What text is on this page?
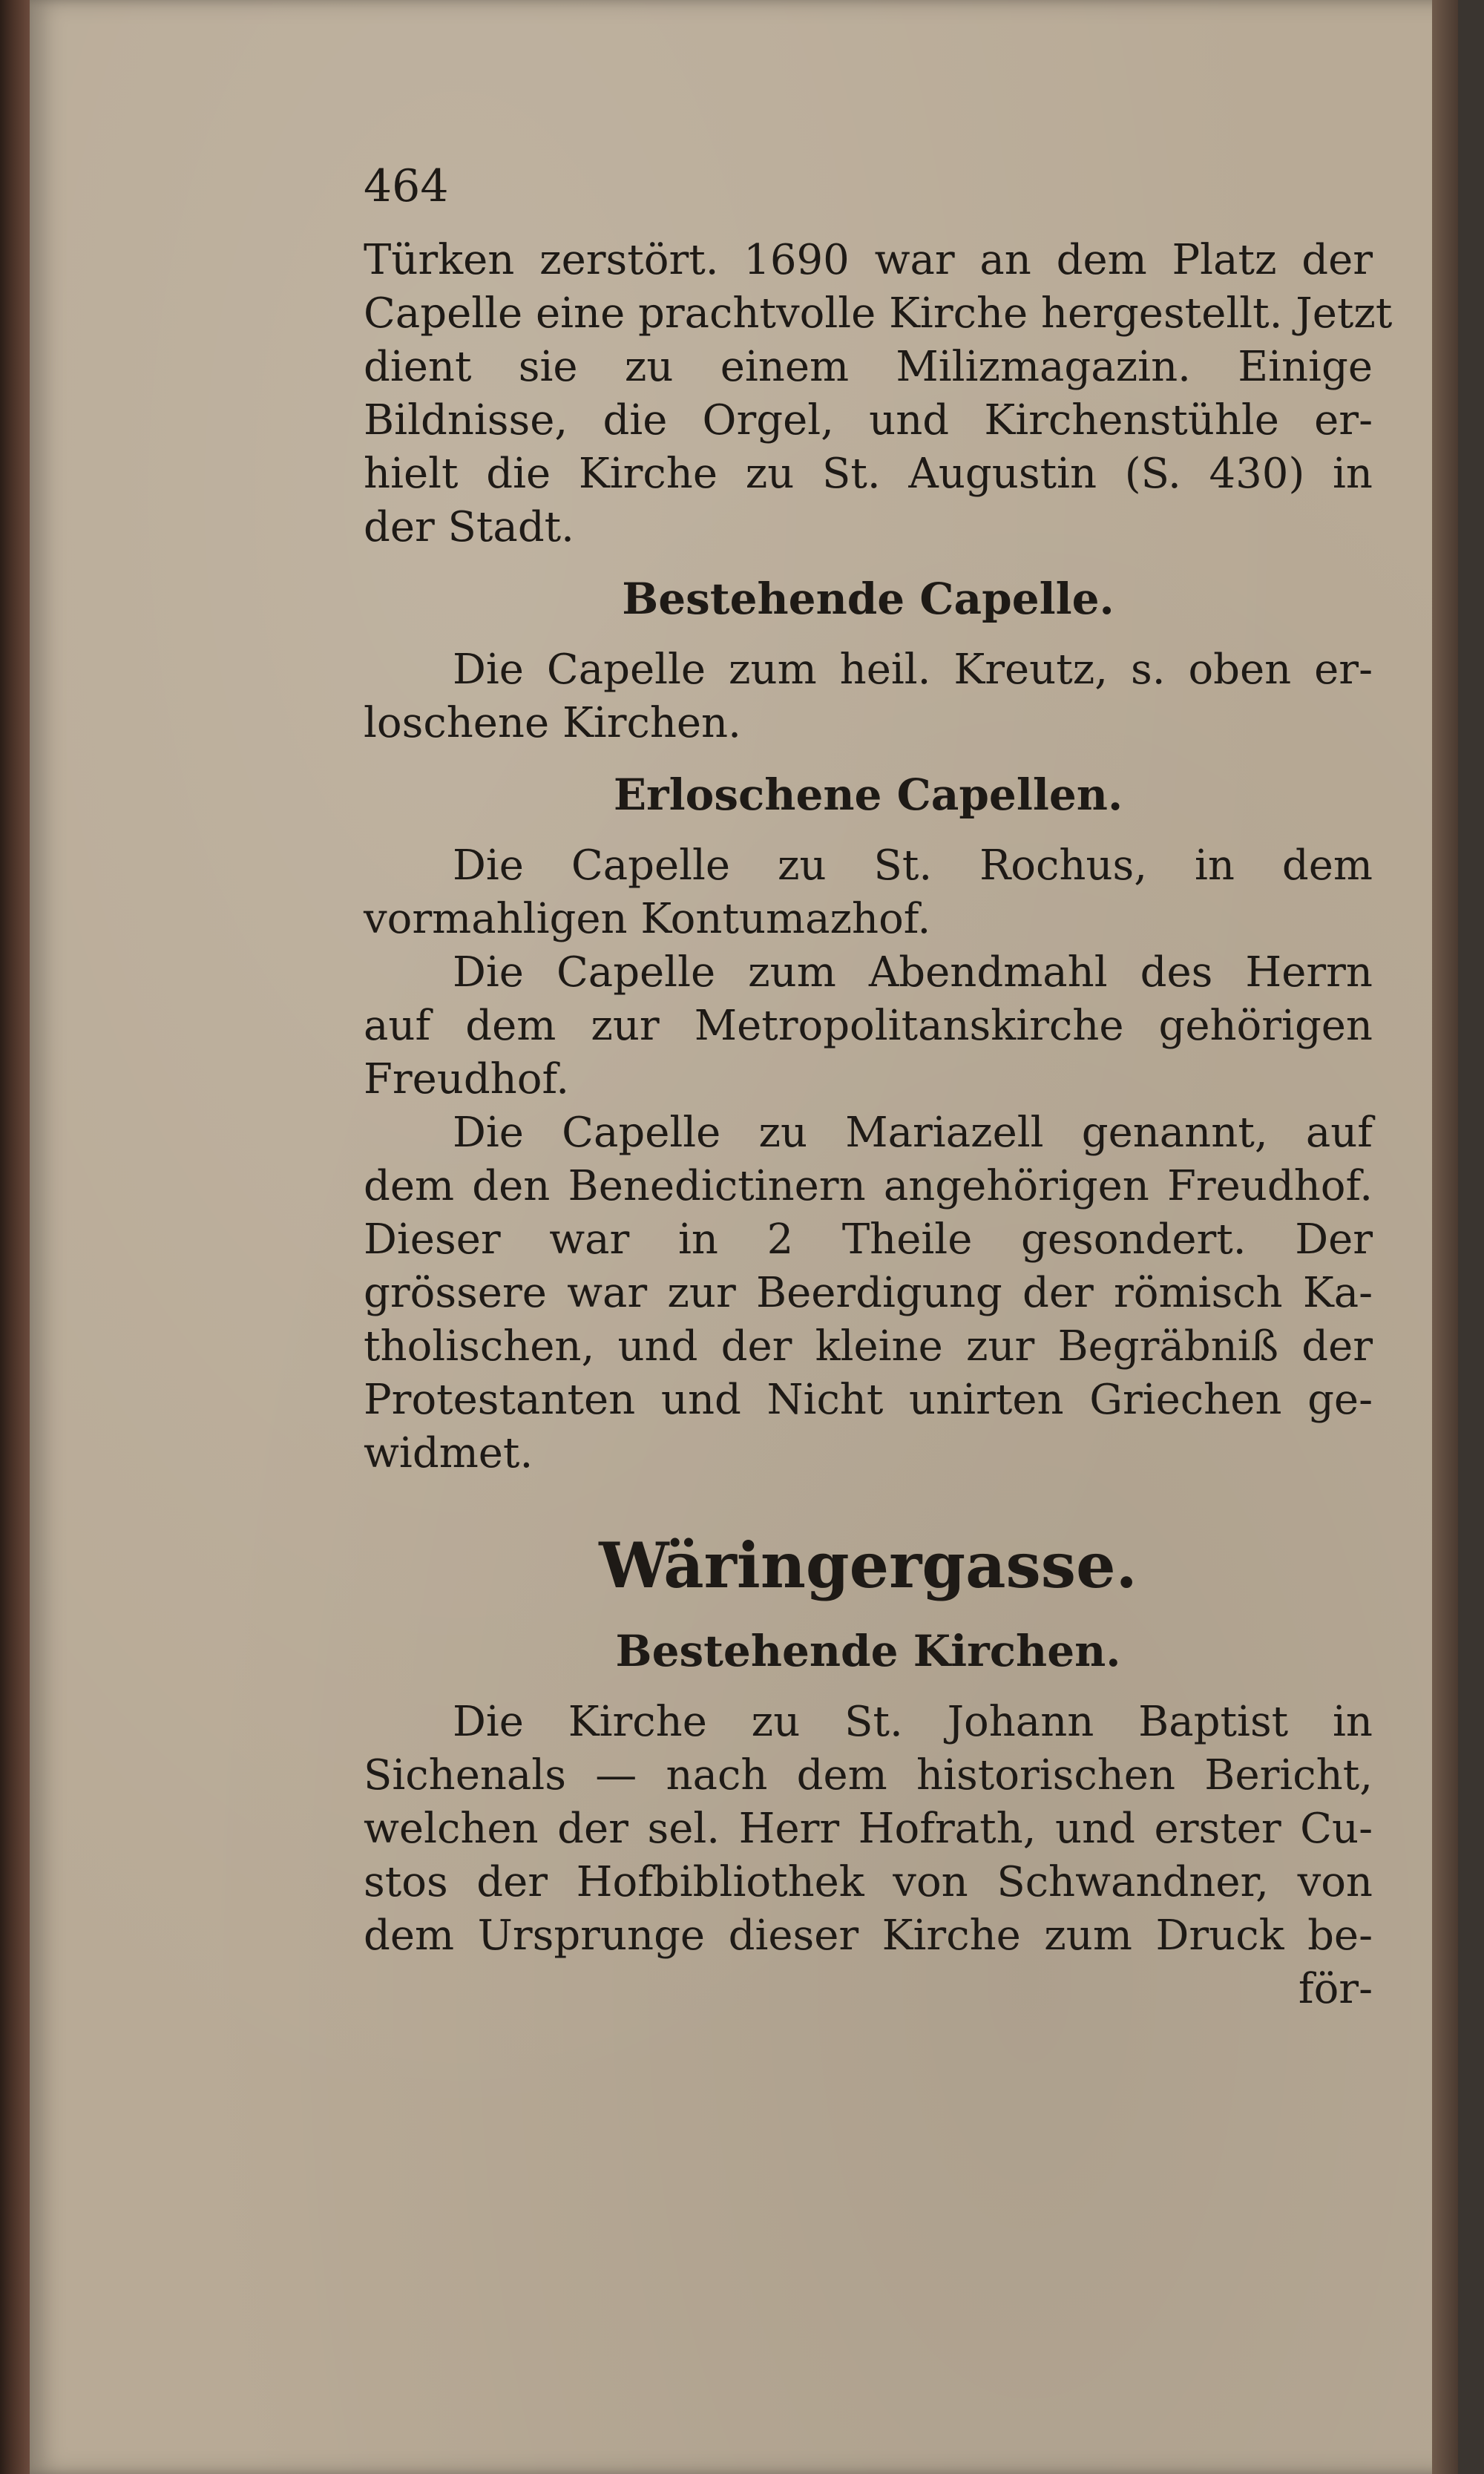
464
Türken zerstört. 1690 war an dem Platz der
Capelle eine prachtvolle Kirche hergestellt. Jetzt
dient sie zu einem Milizmagazin. Einige
Bildnisse, die Orgel, und Kirchenstühle er-
hielt die Kirche zu St. Augustin (S. 430) in
der Stadt.
Bestehende Capelle.
Die Capelle zum heil. Kreutz, s. oben er-
loschene Kirchen.
Erloschene Capellen.
Die Capelle zu St. Rochus, in dem
vormahligen Kontumazhof.
Die Capelle zum Abendmahl des Herrn
auf dem zur Metropolitanskirche gehörigen
Freudhof.
Die Capelle zu Mariazell genannt, auf
dem den Benedictinern angehörigen Freudhof.
Dieser war in 2 Theile gesondert. Der
grössere war zur Beerdigung der römisch Ka-
tholischen, und der kleine zur Begräbniß der
Protestanten und Nicht unirten Griechen ge-
widmet.
Wäringergasse.
Bestehende Kirchen.
Die Kirche zu St. Johann Baptist in
Sichenals — nach dem historischen Bericht,
welchen der sel. Herr Hofrath, und erster Cu-
stos der Hofbibliothek von Schwandner, von
dem Ursprunge dieser Kirche zum Druck be-
för-
